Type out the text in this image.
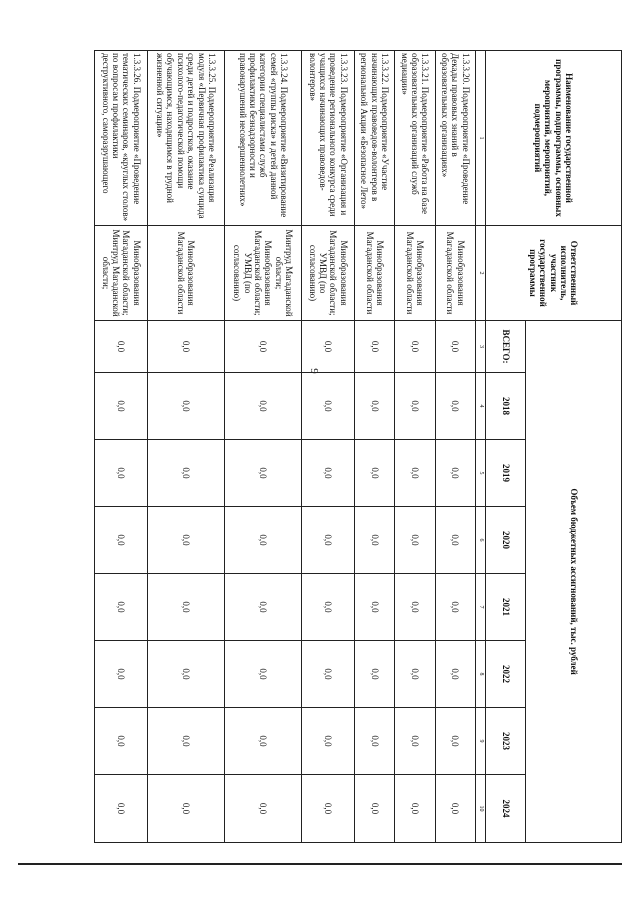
9
Наименование государственной программы, подпрограммы, основных мероприятий, мероприятий, подмероприятий	Ответственный исполнитель, участник государственной программы	Объем бюджетных ассигнований, тыс. рублей							
		ВСЕГО:	2018	2019	2020	2021	2022	2023	2024
1	2	3	4	5	6	7	8	9	10
1.3.3.20. Подмероприятие «Проведение Декады правовых знаний в образовательных организациях»	Минобразования Магаданской области	0,0	0,0	0,0	0,0	0,0	0,0	0,0	0,0
1.3.3.21. Подмероприятие «Работа на базе образовательных организаций служб медиации»	Минобразования Магаданской области	0,0	0,0	0,0	0,0	0,0	0,0	0,0	0,0
1.3.3.22. Подмероприятие «Участие начинающих правоведов-волонтеров в региональной Акции «Безопасное Лето»	Минобразования Магаданской области	0,0	0,0	0,0	0,0	0,0	0,0	0,0	0,0
1.3.3.23. Подмероприятие «Организация и проведение регионального конкурса среди учащихся начинающих правоведов-волонтеров»	Минобразования Магаданской области; УМВД (по согласованию)	0,0	0,0	0,0	0,0	0,0	0,0	0,0	0,0
1.3.3.24. Подмероприятие «Визитирование семей «группы риска» и детей данной категории специалистами служб профилактики безнадзорности и правонарушений несовершеннолетних»	Минтруд Магаданской области; Минобразования Магаданской области; УМВД (по согласованию)	0,0	0,0	0,0	0,0	0,0	0,0	0,0	0,0
1.3.3.25. Подмероприятие «Реализация модуля «Первичная профилактика суицида среди детей и подростков, оказание психолого-педагогической помощи обучающимся, находящимся в трудной жизненной ситуации»	Минобразования Магаданской области	0,0	0,0	0,0	0,0	0,0	0,0	0,0	0,0
1.3.3.26. Подмероприятие «Проведение тематических семинаров, «круглых столов» по вопросам профилактики деструктивного, саморазрушающего	Минобразования Магаданской области; Минтруд Магаданской области;	0,0	0,0	0,0	0,0	0,0	0,0	0,0	0,0
